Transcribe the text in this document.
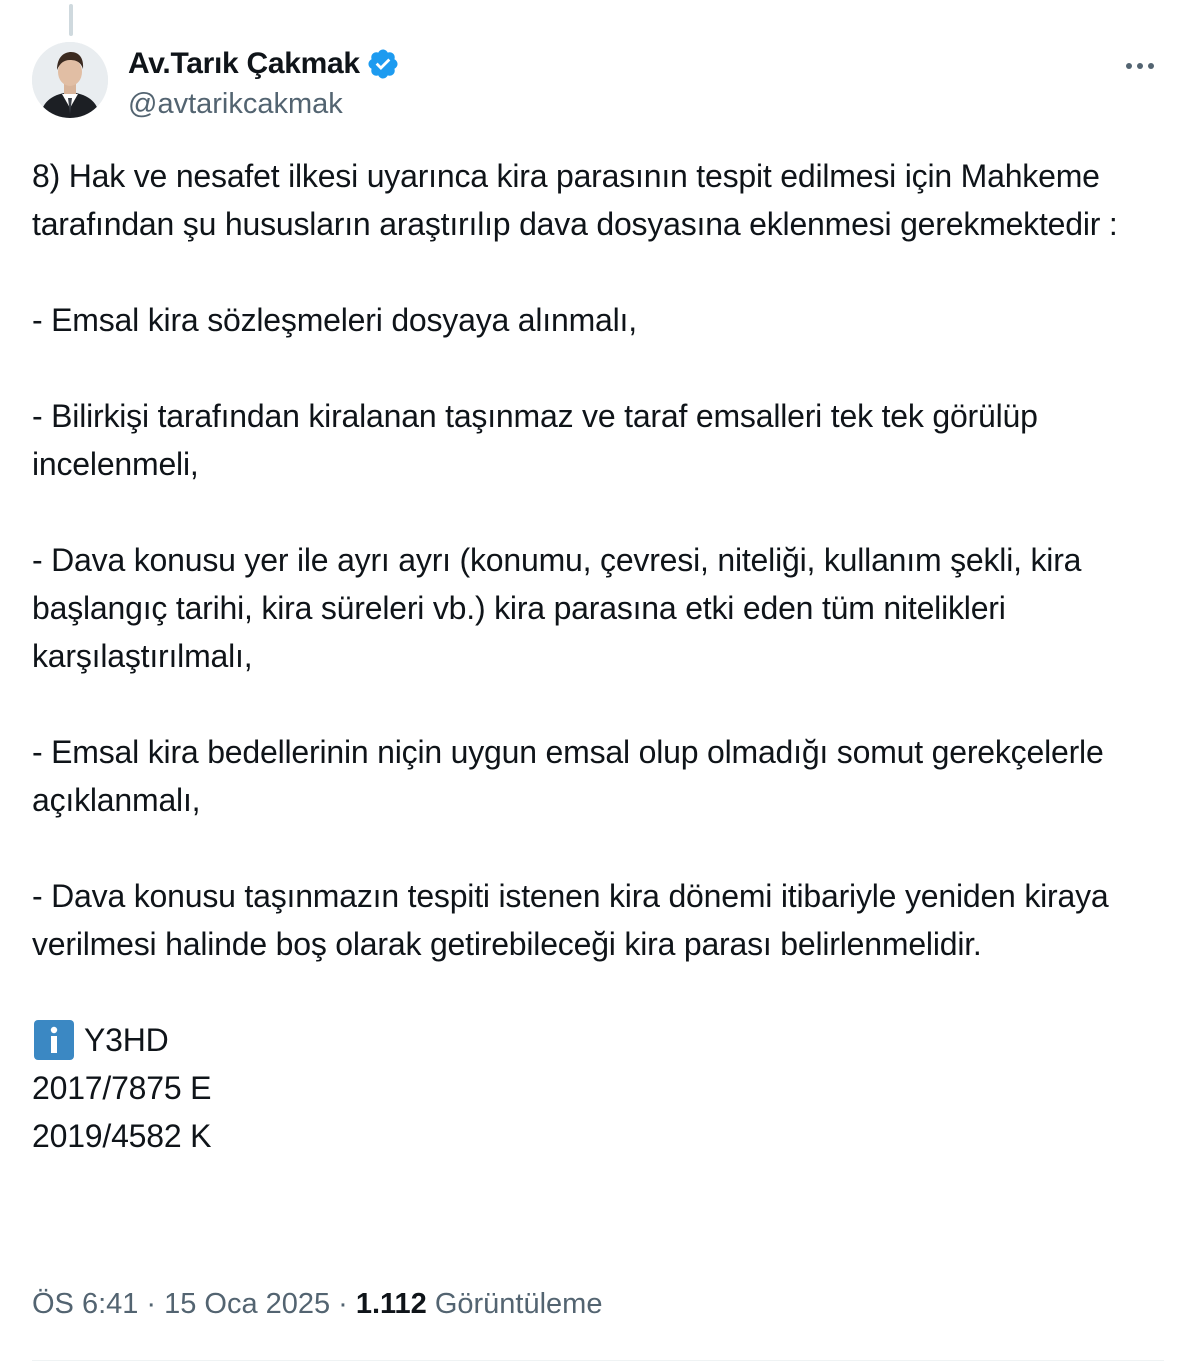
Av.Tarık Çakmak
@avtarikcakmak

8) Hak ve nesafet ilkesi uyarınca kira parasının tespit edilmesi için Mahkeme tarafından şu hususların araştırılıp dava dosyasına eklenmesi gerekmektedir :

- Emsal kira sözleşmeleri dosyaya alınmalı,

- Bilirkişi tarafından kiralanan taşınmaz ve taraf emsalleri tek tek görülüp incelenmeli,

- Dava konusu yer ile ayrı ayrı (konumu, çevresi, niteliği, kullanım şekli, kira başlangıç tarihi, kira süreleri vb.) kira parasına etki eden tüm nitelikleri karşılaştırılmalı,

- Emsal kira bedellerinin niçin uygun emsal olup olmadığı somut gerekçelerle açıklanmalı,

- Dava konusu taşınmazın tespiti istenen kira dönemi itibariyle yeniden kiraya verilmesi halinde boş olarak getirebileceği kira parası belirlenmelidir.

Y3HD

2017/7875 E

2019/4582 K

ÖS 6:41 · 15 Oca 2025 · 1.112 Görüntüleme
